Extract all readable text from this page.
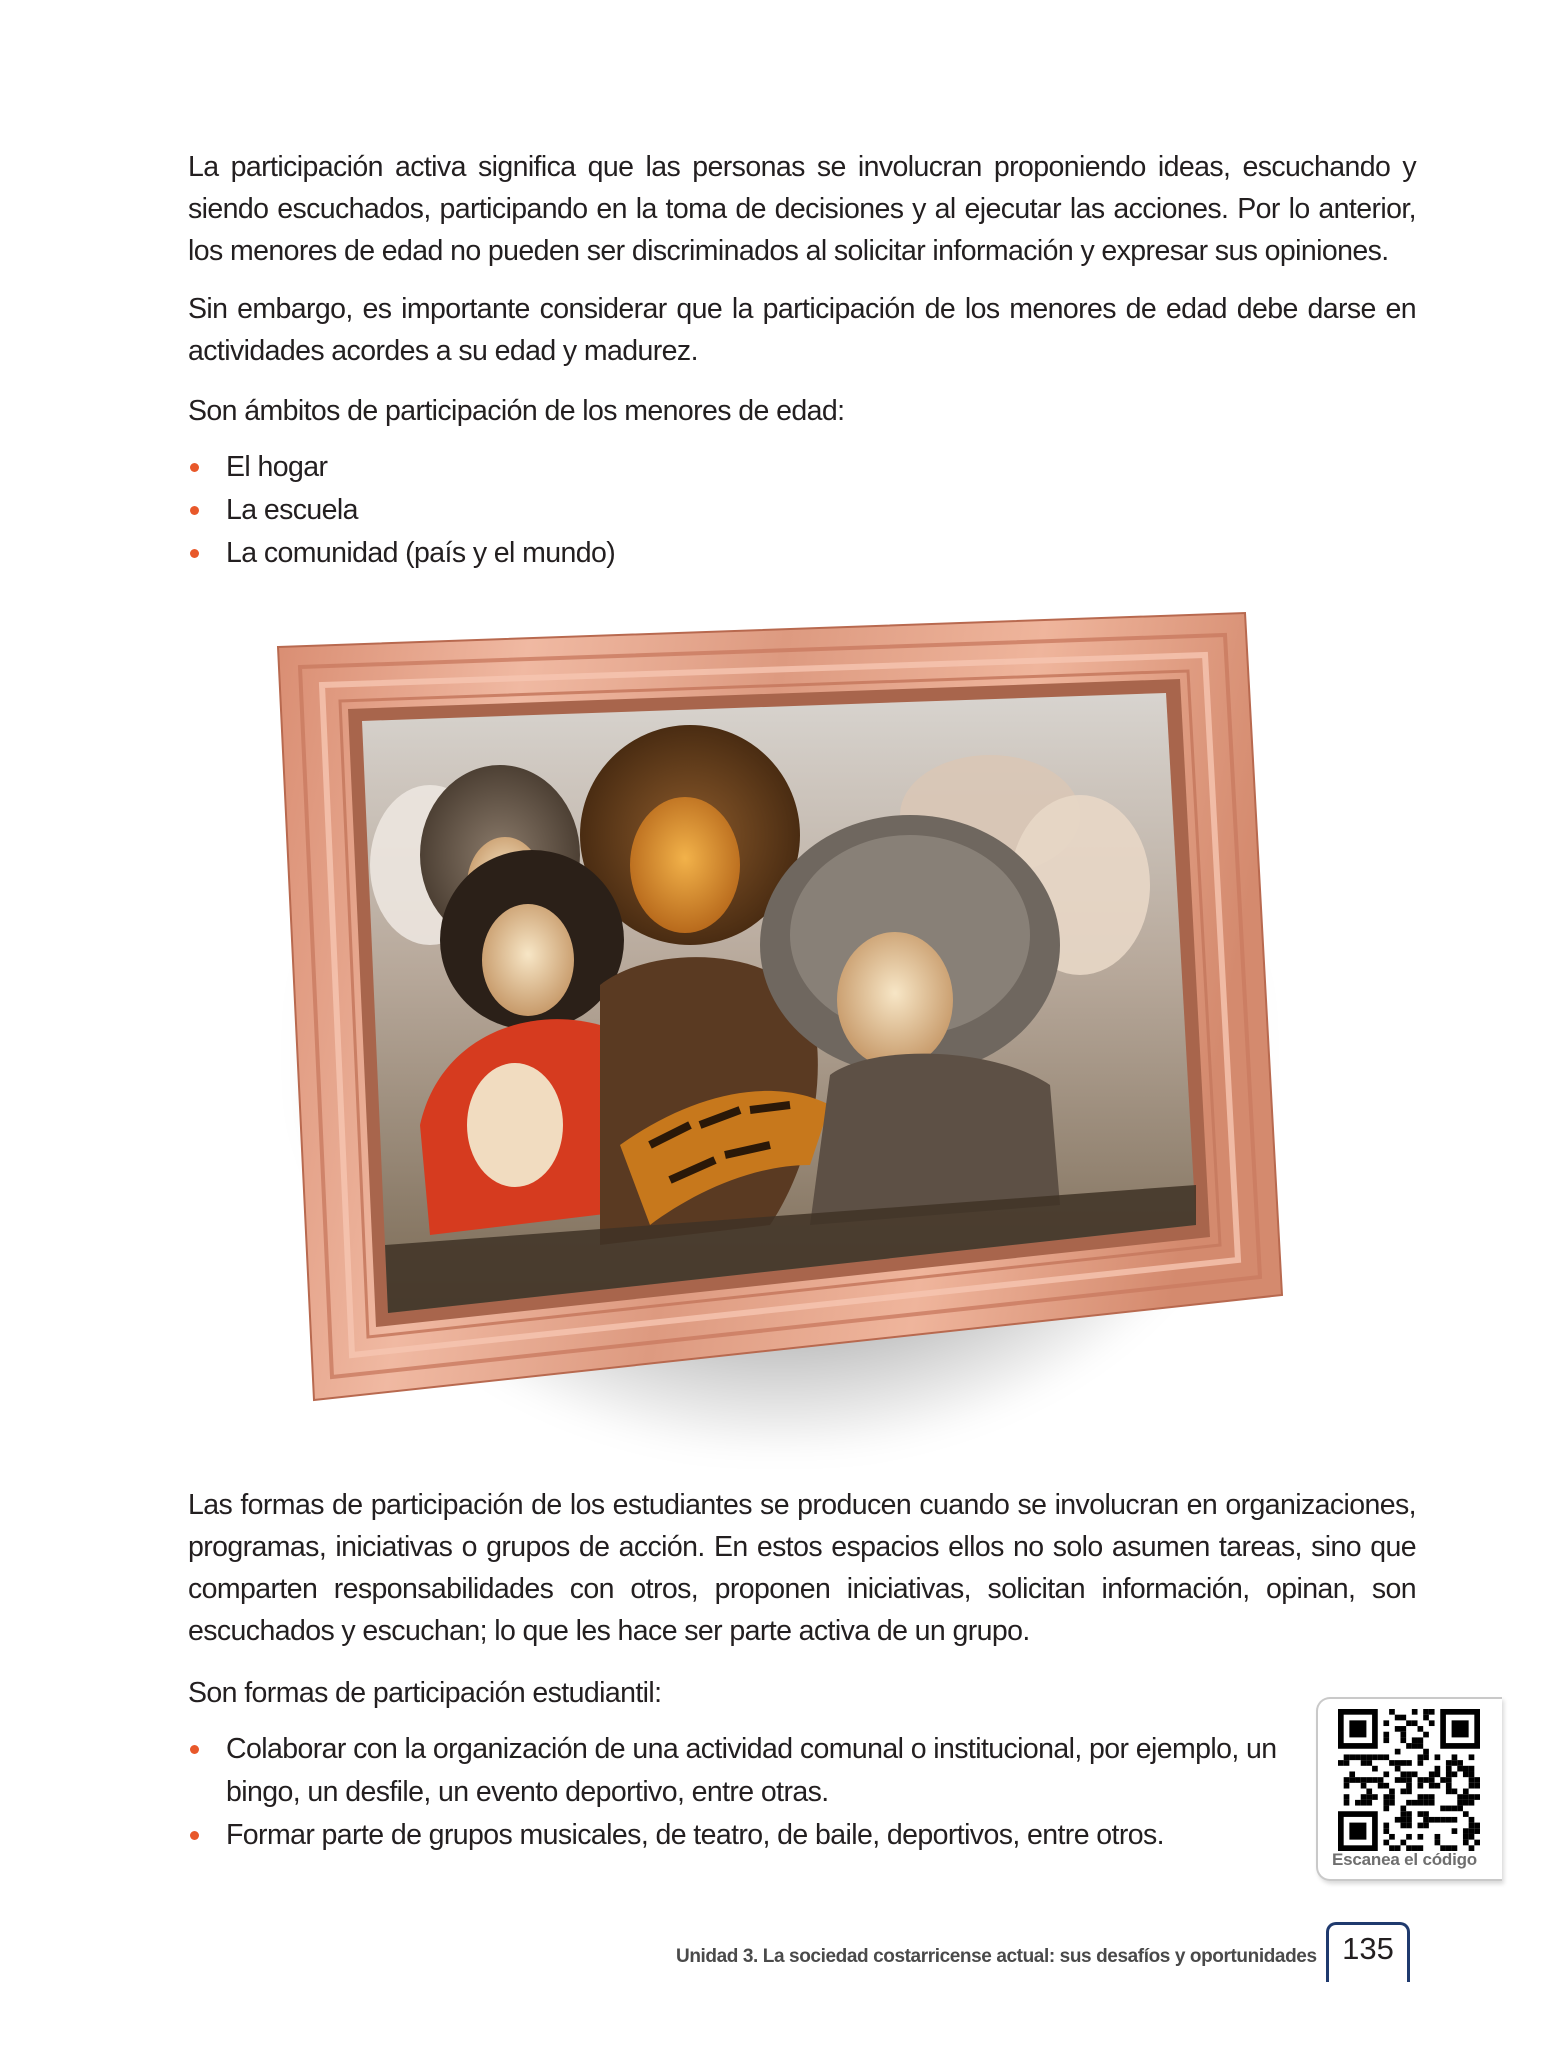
La participación activa significa que las personas se involucran proponiendo ideas, escuchando y siendo escuchados, participando en la toma de decisiones y al ejecutar las acciones. Por lo anterior, los menores de edad no pueden ser discriminados al solicitar información y expresar sus opiniones.

Sin embargo, es importante considerar que la participación de los menores de edad debe darse en actividades acordes a su edad y madurez.

Son ámbitos de participación de los menores de edad:

El hogar
La escuela
La comunidad (país y el mundo)

Las formas de participación de los estudiantes se producen cuando se involucran en organizaciones, programas, iniciativas o grupos de acción. En estos espacios ellos no solo asumen tareas, sino que comparten responsabilidades con otros, proponen iniciativas, solicitan información, opinan, son escuchados y escuchan; lo que les hace ser parte activa de un grupo.

Son formas de participación estudiantil:

Colaborar con la organización de una actividad comunal o institucional, por ejemplo, un bingo, un desfile, un evento deportivo, entre otras.
Formar parte de grupos musicales, de teatro, de baile, deportivos, entre otros.
Escanea el código
Unidad 3. La sociedad costarricense actual: sus desafíos y oportunidades 135
